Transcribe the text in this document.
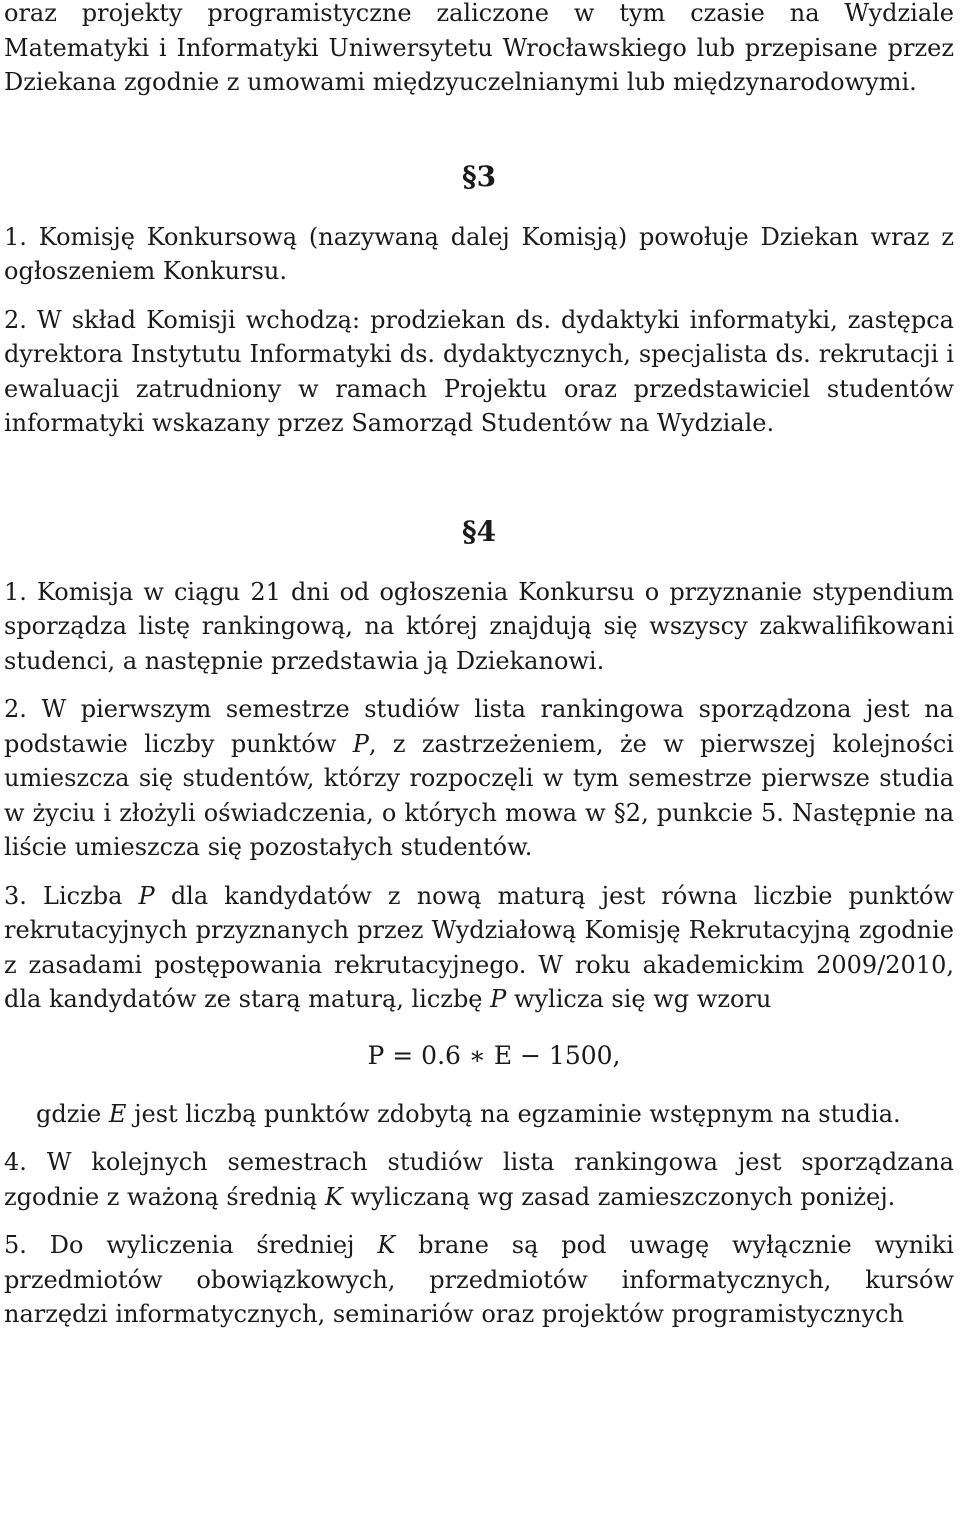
oraz projekty programistyczne zaliczone w tym czasie na Wydziale Matematyki i Informatyki Uniwersytetu Wrocławskiego lub przepisane przez Dziekana zgodnie z umowami międzyuczelnianymi lub międzynarodowymi.

§3

1. Komisję Konkursową (nazywaną dalej Komisją) powołuje Dziekan wraz z ogłoszeniem Konkursu.

2. W skład Komisji wchodzą: prodziekan ds. dydaktyki informatyki, zastępca dyrektora Instytutu Informatyki ds. dydaktycznych, specjalista ds. rekrutacji i ewaluacji zatrudniony w ramach Projektu oraz przedstawiciel studentów informatyki wskazany przez Samorząd Studentów na Wydziale.

§4

1. Komisja w ciągu 21 dni od ogłoszenia Konkursu o przyznanie stypendium sporządza listę rankingową, na której znajdują się wszyscy zakwalifikowani studenci, a następnie przedstawia ją Dziekanowi.

2. W pierwszym semestrze studiów lista rankingowa sporządzona jest na podstawie liczby punktów P, z zastrzeżeniem, że w pierwszej kolejności umieszcza się studentów, którzy rozpoczęli w tym semestrze pierwsze studia w życiu i złożyli oświadczenia, o których mowa w §2, punkcie 5. Następnie na liście umieszcza się pozostałych studentów.

3. Liczba P dla kandydatów z nową maturą jest równa liczbie punktów rekrutacyjnych przyznanych przez Wydziałową Komisję Rekrutacyjną zgodnie z zasadami postępowania rekrutacyjnego. W roku akademickim 2009/2010, dla kandydatów ze starą maturą, liczbę P wylicza się wg wzoru

P = 0.6 ∗ E − 1500,

gdzie E jest liczbą punktów zdobytą na egzaminie wstępnym na studia.

4. W kolejnych semestrach studiów lista rankingowa jest sporządzana zgodnie z ważoną średnią K wyliczaną wg zasad zamieszczonych poniżej.

5. Do wyliczenia średniej K brane są pod uwagę wyłącznie wyniki przedmiotów obowiązkowych, przedmiotów informatycznych, kursów narzędzi informatycznych, seminariów oraz projektów programistycznych
